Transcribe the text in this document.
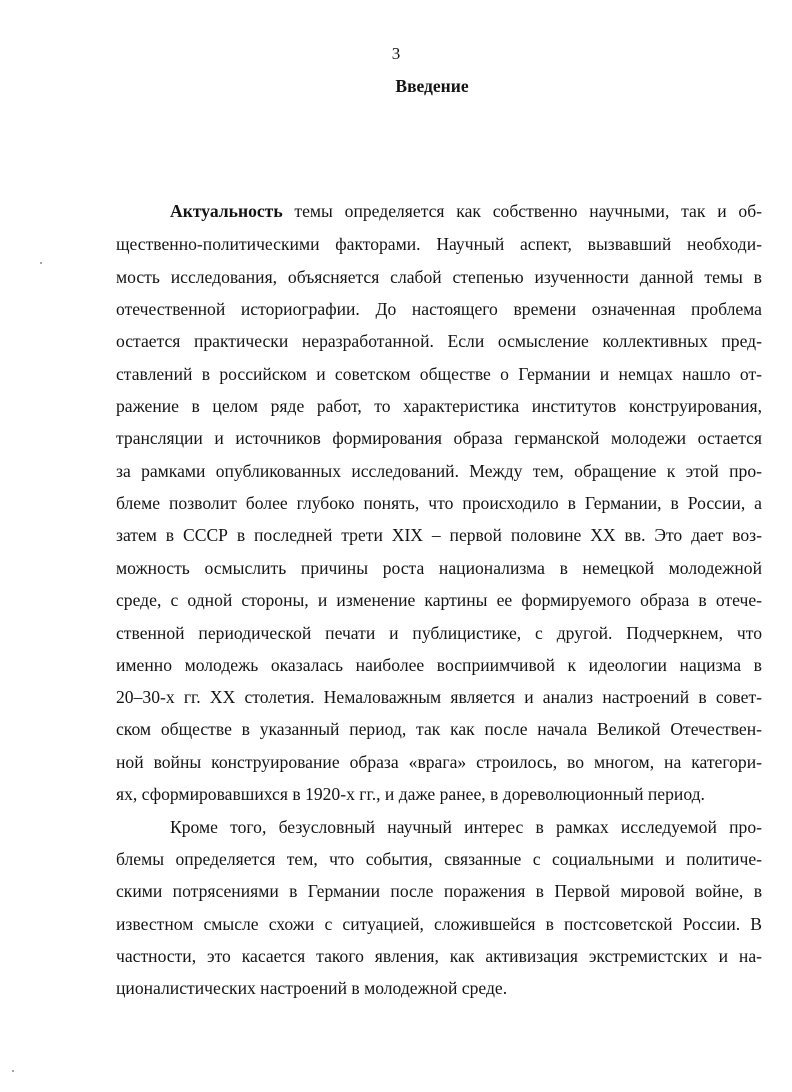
3
Введение
Актуальность темы определяется как собственно научными, так и об-
щественно-политическими факторами. Научный аспект, вызвавший необходи-
мость исследования, объясняется слабой степенью изученности данной темы в
отечественной историографии. До настоящего времени означенная проблема
остается практически неразработанной. Если осмысление коллективных пред-
ставлений в российском и советском обществе о Германии и немцах нашло от-
ражение в целом ряде работ, то характеристика институтов конструирования,
трансляции и источников формирования образа германской молодежи остается
за рамками опубликованных исследований. Между тем, обращение к этой про-
блеме позволит более глубоко понять, что происходило в Германии, в России, а
затем в СССР в последней трети XIX – первой половине XX вв. Это дает воз-
можность осмыслить причины роста национализма в немецкой молодежной
среде, с одной стороны, и изменение картины ее формируемого образа в отече-
ственной периодической печати и публицистике, с другой. Подчеркнем, что
именно молодежь оказалась наиболее восприимчивой к идеологии нацизма в
20–30-х гг. XX столетия. Немаловажным является и анализ настроений в совет-
ском обществе в указанный период, так как после начала Великой Отечествен-
ной войны конструирование образа «врага» строилось, во многом, на категори-
ях, сформировавшихся в 1920-х гг., и даже ранее, в дореволюционный период.
Кроме того, безусловный научный интерес в рамках исследуемой про-
блемы определяется тем, что события, связанные с социальными и политиче-
скими потрясениями в Германии после поражения в Первой мировой войне, в
известном смысле схожи с ситуацией, сложившейся в постсоветской России. В
частности, это касается такого явления, как активизация экстремистских и на-
ционалистических настроений в молодежной среде.
